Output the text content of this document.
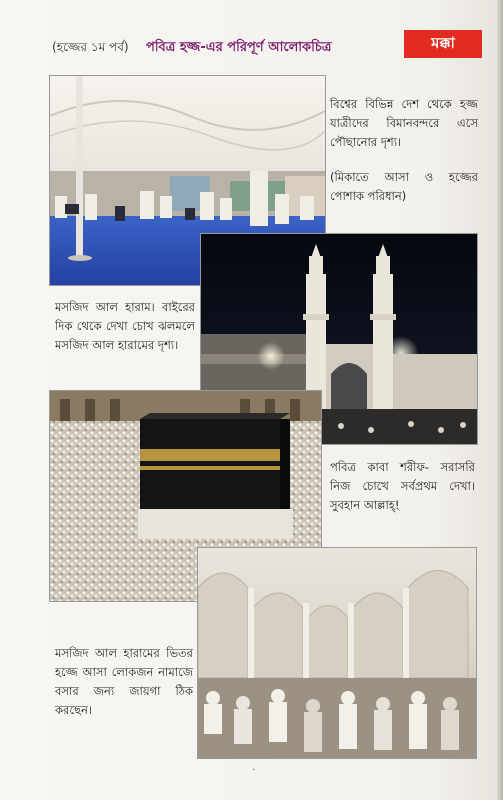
(হজ্জের ১ম পর্ব) পবিত্র হজ্জ-এর পরিপূর্ণ আলোকচিত্র	মক্কা
বিশ্বের বিভিন্ন দেশ থেকে হজ্জ যাত্রীদের বিমানবন্দরে এসে পৌছানোর দৃশ্য।
(মিকাতে আসা ও হজ্জের পোশাক পরিধান)
মসজিদ আল হারাম। বাইরের দিক থেকে দেখা চোখ ঝলমলে মসজিদ আল হারামের দৃশ্য।
পবিত্র কাবা শরীফ- সরাসরি নিজ চোখে সর্বপ্রথম দেখা। সুবহান আল্লাহ্!
মসজিদ আল হারামের ভিতর হজ্জে আসা লোকজন নামাজে বসার জন্য জায়গা ঠিক করছেন।
·
